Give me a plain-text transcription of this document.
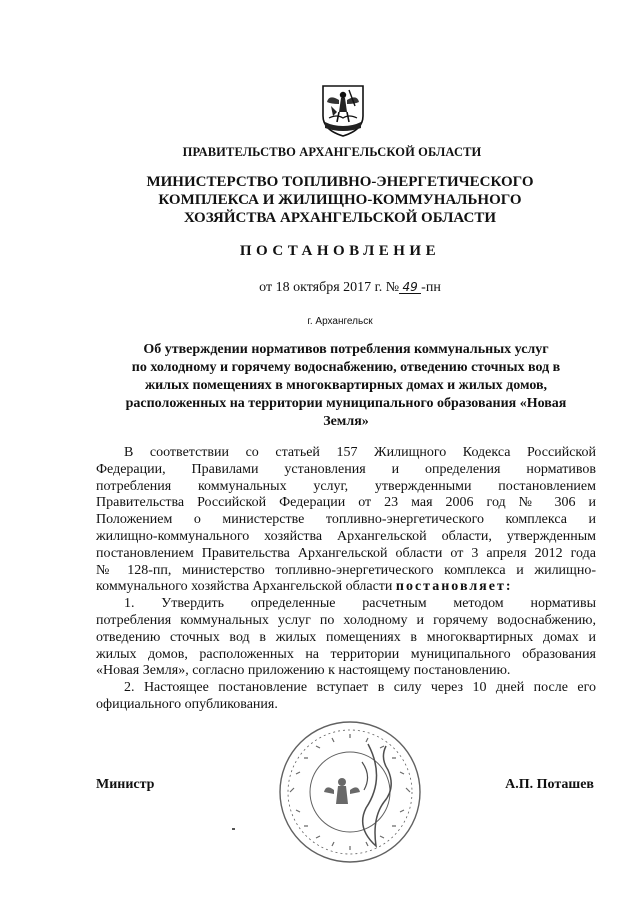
ПРАВИТЕЛЬСТВО АРХАНГЕЛЬСКОЙ ОБЛАСТИ
МИНИСТЕРСТВО ТОПЛИВНО-ЭНЕРГЕТИЧЕСКОГО
КОМПЛЕКСА И ЖИЛИЩНО-КОММУНАЛЬНОГО
ХОЗЯЙСТВА АРХАНГЕЛЬСКОЙ ОБЛАСТИ
ПОСТАНОВЛЕНИЕ
от 18 октября 2017 г. № 49 -пн
г. Архангельск
Об утверждении нормативов потребления коммунальных услуг
по холодному и горячему водоснабжению, отведению сточных вод в
жилых помещениях в многоквартирных домах и жилых домов,
расположенных на территории муниципального образования «Новая
Земля»

В соответствии со статьей 157 Жилищного Кодекса Российской
Федерации, Правилами установления и определения нормативов
потребления коммунальных услуг, утвержденными постановлением
Правительства Российской Федерации от 23 мая 2006 год № 306 и
Положением о министерстве топливно-энергетического комплекса и
жилищно-коммунального хозяйства Архангельской области, утвержденным
постановлением Правительства Архангельской области от 3 апреля 2012 года
№ 128-пп, министерство топливно-энергетического комплекса и жилищно-
коммунального хозяйства Архангельской области постановляет:

1. Утвердить определенные расчетным методом нормативы
потребления коммунальных услуг по холодному и горячему водоснабжению,
отведению сточных вод в жилых помещениях в многоквартирных домах и
жилых домов, расположенных на территории муниципального образования
«Новая Земля», согласно приложению к настоящему постановлению.

2. Настоящее постановление вступает в силу через 10 дней после его
официального опубликования.

Министр	А.П. Поташев
